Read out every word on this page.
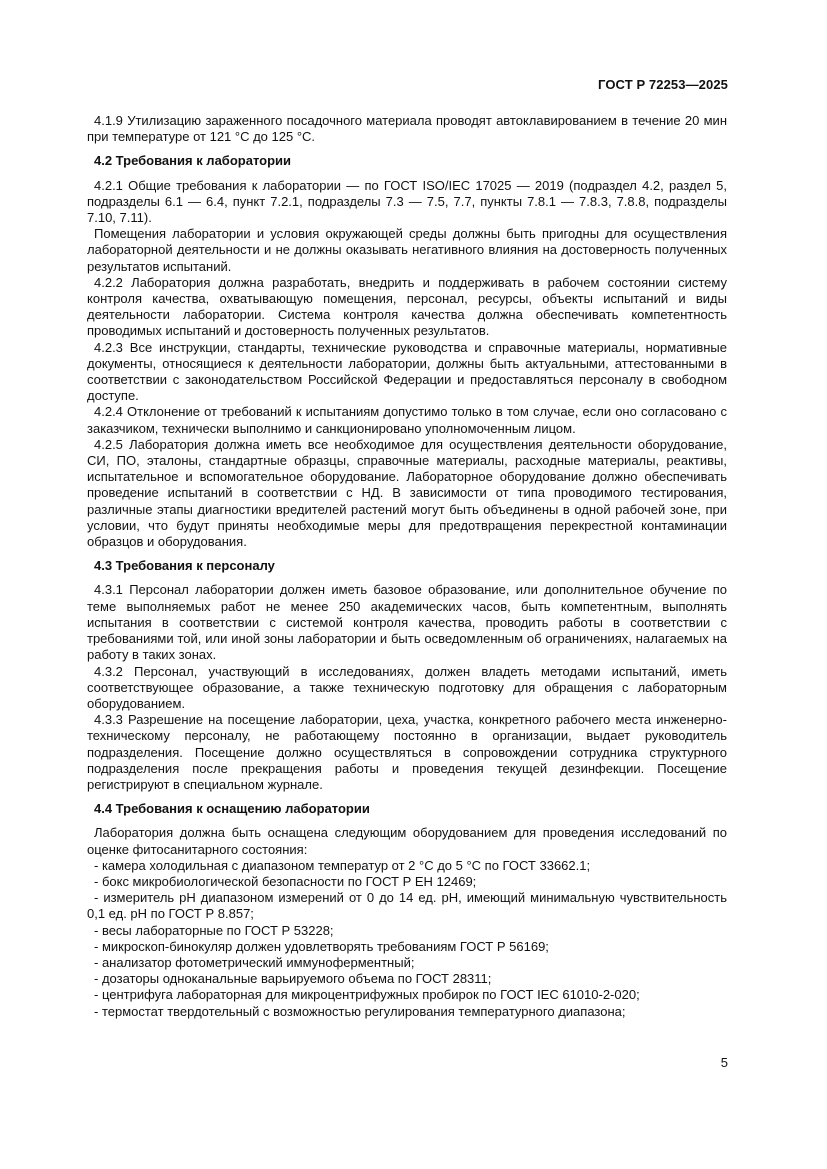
ГОСТ Р 72253—2025

4.1.9 Утилизацию зараженного посадочного материала проводят автоклавированием в течение 20 мин при температуре от 121 °C до 125 °C.

4.2 Требования к лаборатории

4.2.1 Общие требования к лаборатории — по ГОСТ ISO/IEC 17025 — 2019 (подраздел 4.2, раздел 5, подразделы 6.1 — 6.4, пункт 7.2.1, подразделы 7.3 — 7.5, 7.7, пункты 7.8.1 — 7.8.3, 7.8.8, подразделы 7.10, 7.11).

Помещения лаборатории и условия окружающей среды должны быть пригодны для осуществления лабораторной деятельности и не должны оказывать негативного влияния на достоверность полученных результатов испытаний.

4.2.2 Лаборатория должна разработать, внедрить и поддерживать в рабочем состоянии систему контроля качества, охватывающую помещения, персонал, ресурсы, объекты испытаний и виды деятельности лаборатории. Система контроля качества должна обеспечивать компетентность проводимых испытаний и достоверность полученных результатов.

4.2.3 Все инструкции, стандарты, технические руководства и справочные материалы, нормативные документы, относящиеся к деятельности лаборатории, должны быть актуальными, аттестованными в соответствии с законодательством Российской Федерации и предоставляться персоналу в свободном доступе.

4.2.4 Отклонение от требований к испытаниям допустимо только в том случае, если оно согласовано с заказчиком, технически выполнимо и санкционировано уполномоченным лицом.

4.2.5 Лаборатория должна иметь все необходимое для осуществления деятельности оборудование, СИ, ПО, эталоны, стандартные образцы, справочные материалы, расходные материалы, реактивы, испытательное и вспомогательное оборудование. Лабораторное оборудование должно обеспечивать проведение испытаний в соответствии с НД. В зависимости от типа проводимого тестирования, различные этапы диагностики вредителей растений могут быть объединены в одной рабочей зоне, при условии, что будут приняты необходимые меры для предотвращения перекрестной контаминации образцов и оборудования.

4.3 Требования к персоналу

4.3.1 Персонал лаборатории должен иметь базовое образование, или дополнительное обучение по теме выполняемых работ не менее 250 академических часов, быть компетентным, выполнять испытания в соответствии с системой контроля качества, проводить работы в соответствии с требованиями той, или иной зоны лаборатории и быть осведомленным об ограничениях, налагаемых на работу в таких зонах.

4.3.2 Персонал, участвующий в исследованиях, должен владеть методами испытаний, иметь соответствующее образование, а также техническую подготовку для обращения с лабораторным оборудованием.

4.3.3 Разрешение на посещение лаборатории, цеха, участка, конкретного рабочего места инженерно-техническому персоналу, не работающему постоянно в организации, выдает руководитель подразделения. Посещение должно осуществляться в сопровождении сотрудника структурного подразделения после прекращения работы и проведения текущей дезинфекции. Посещение регистрируют в специальном журнале.

4.4 Требования к оснащению лаборатории

Лаборатория должна быть оснащена следующим оборудованием для проведения исследований по оценке фитосанитарного состояния:

- камера холодильная с диапазоном температур от 2 °C до 5 °C по ГОСТ 33662.1;
- бокс микробиологической безопасности по ГОСТ Р ЕН 12469;
- измеритель pH диапазоном измерений от 0 до 14 ед. pH, имеющий минимальную чувствительность 0,1 ед. pH по ГОСТ Р 8.857;
- весы лабораторные по ГОСТ Р 53228;
- микроскоп-бинокуляр должен удовлетворять требованиям ГОСТ Р 56169;
- анализатор фотометрический иммуноферментный;
- дозаторы одноканальные варьируемого объема по ГОСТ 28311;
- центрифуга лабораторная для микроцентрифужных пробирок по ГОСТ IEC 61010-2-020;
- термостат твердотельный с возможностью регулирования температурного диапазона;
5
